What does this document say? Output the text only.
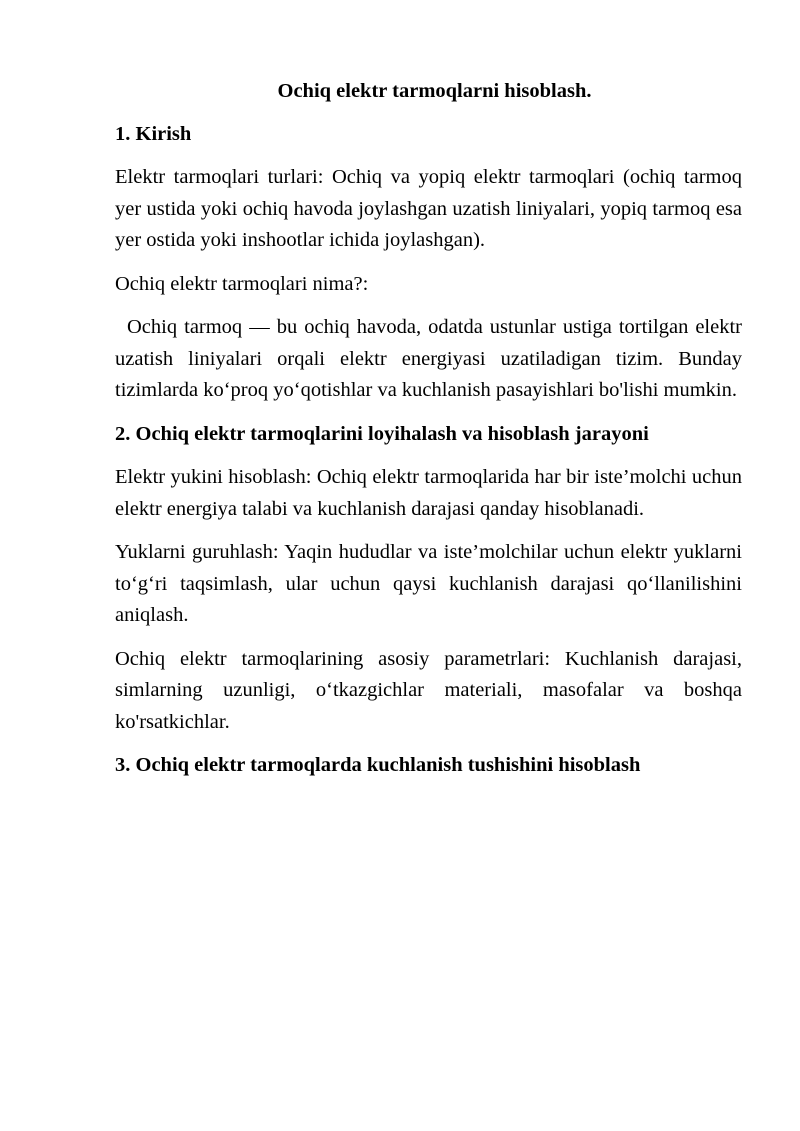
Ochiq elektr tarmoqlarni hisoblash.
1. Kirish

Elektr tarmoqlari turlari: Ochiq va yopiq elektr tarmoqlari (ochiq tarmoq yer ustida yoki ochiq havoda joylashgan uzatish liniyalari, yopiq tarmoq esa yer ostida yoki inshootlar ichida joylashgan).

Ochiq elektr tarmoqlari nima?:

Ochiq tarmoq — bu ochiq havoda, odatda ustunlar ustiga tortilgan elektr uzatish liniyalari orqali elektr energiyasi uzatiladigan tizim. Bunday tizimlarda ko‘proq yo‘qotishlar va kuchlanish pasayishlari bo'lishi mumkin.

2. Ochiq elektr tarmoqlarini loyihalash va hisoblash jarayoni

Elektr yukini hisoblash: Ochiq elektr tarmoqlarida har bir iste’molchi uchun elektr energiya talabi va kuchlanish darajasi qanday hisoblanadi.

Yuklarni guruhlash: Yaqin hududlar va iste’molchilar uchun elektr yuklarni to‘g‘ri taqsimlash, ular uchun qaysi kuchlanish darajasi qo‘llanilishini aniqlash.

Ochiq elektr tarmoqlarining asosiy parametrlari: Kuchlanish darajasi, simlarning uzunligi, o‘tkazgichlar materiali, masofalar va boshqa ko'rsatkichlar.

3. Ochiq elektr tarmoqlarda kuchlanish tushishini hisoblash
